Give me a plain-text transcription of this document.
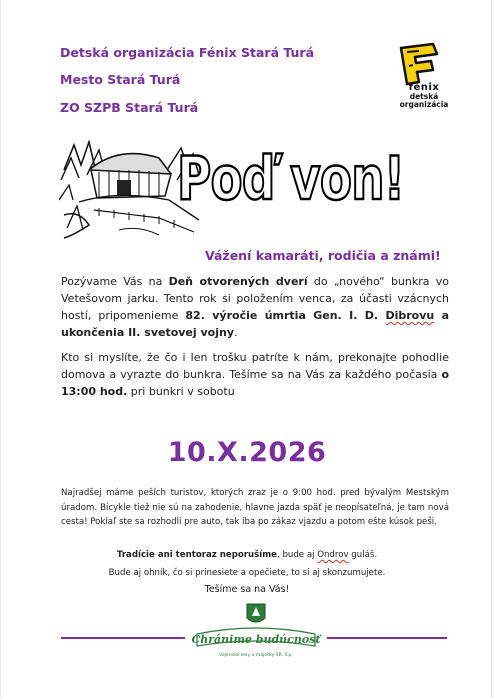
Detská organizácia Fénix Stará Turá
Mesto Stará Turá
ZO SZPB Stará Turá
fénix
detská
organizácia
Poď von!
Vážení kamaráti, rodičia a známi!
Pozývame Vás na Deň otvorených dverí do „nového“ bunkra vo Vetešovom jarku. Tento rok si položením venca, za účasti vzácnych hostí, pripomenieme 82. výročie úmrtia Gen. I. D. Dibrovu a ukončenia II. svetovej vojny.
Kto si myslíte, že čo i len trošku patríte k nám, prekonajte pohodlie domova a vyrazte do bunkra. Tešíme sa na Vás za každého počasia o 13:00 hod. pri bunkri v sobotu
10.X.2026
Najradšej máme peších turistov, ktorých zraz je o 9:00 hod. pred bývalým Mestským úradom. Bicykle tiež nie sú na zahodenie, hlavne jazda späť je neopísateľná, je tam nová cesta! Pokiaľ ste sa rozhodli pre auto, tak iba po zákaz vjazdu a potom ešte kúsok peši.
Tradície ani tentoraz neporušíme, bude aj Ondrov guláš.
Bude aj ohník, čo si prinesiete a opečiete, to si aj skonzumujete.
Tešíme sa na Vás!
Chránime budúcnosť
Vojenské lesy a majetky SR, š.p.
